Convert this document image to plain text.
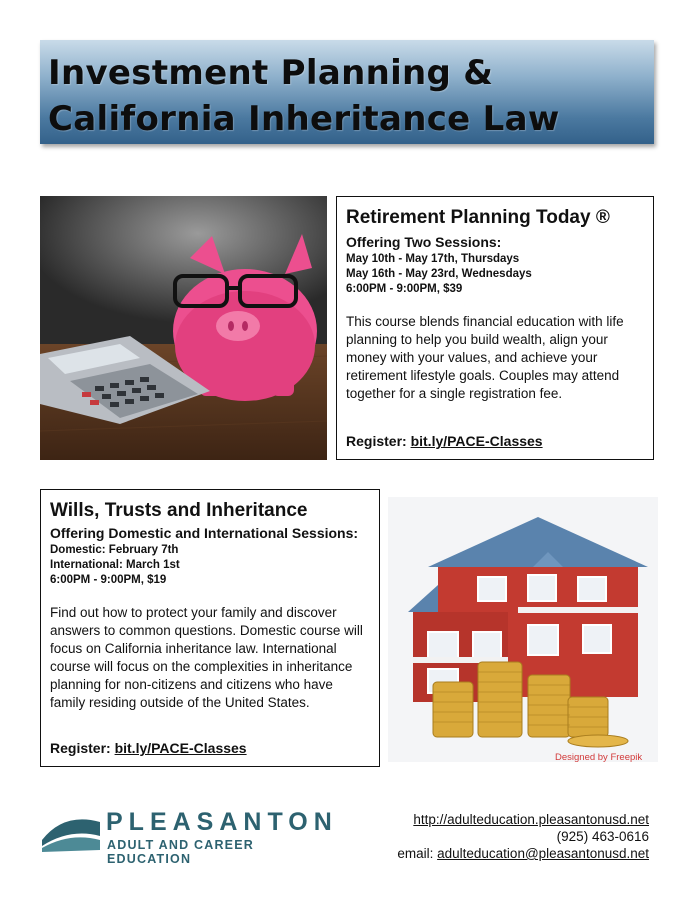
Investment Planning &
California Inheritance Law
Retirement Planning Today ®
Offering Two Sessions:
May 10th - May 17th, Thursdays
May 16th - May 23rd, Wednesdays
6:00PM - 9:00PM, $39

This course blends financial education with life planning to help you build wealth, align your money with your values, and achieve your retirement lifestyle goals. Couples may attend together for a single registration fee.

Register: bit.ly/PACE-Classes
Wills, Trusts and Inheritance
Offering Domestic and International Sessions:
Domestic: February 7th
International: March 1st
6:00PM - 9:00PM, $19

Find out how to protect your family and discover answers to common questions. Domestic course will focus on California inheritance law. International course will focus on the complexities in inheritance planning for non-citizens and citizens who have family residing outside of the United States.

Register: bit.ly/PACE-Classes
Designed by Freepik
PLEASANTON
ADULT AND CAREER EDUCATION
http://adulteducation.pleasantonusd.net
(925) 463-0616
email: adulteducation@pleasantonusd.net
